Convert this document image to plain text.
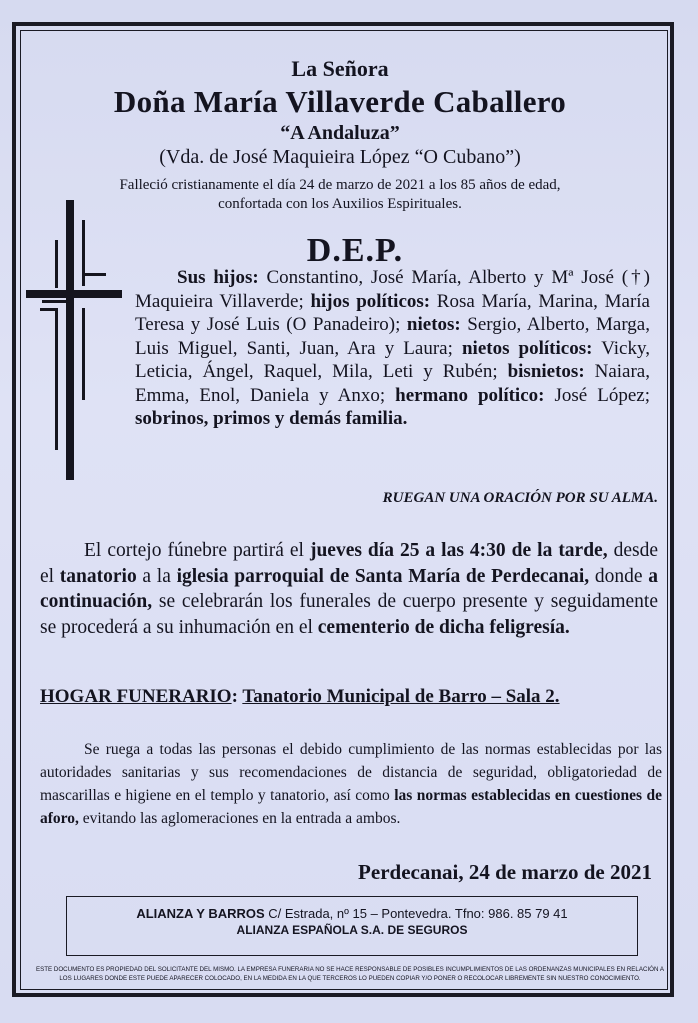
La Señora
Doña María Villaverde Caballero
“A Andaluza”
(Vda. de José Maquieira López “O Cubano”)
Falleció cristianamente el día 24 de marzo de 2021 a los 85 años de edad,
confortada con los Auxilios Espirituales.
D.E.P.
Sus hijos: Constantino, José María, Alberto y Mª José (†) Maquieira Villaverde; hijos políticos: Rosa María, Marina, María Teresa y José Luis (O Panadeiro); nietos: Sergio, Alberto, Marga, Luis Miguel, Santi, Juan, Ara y Laura; nietos políticos: Vicky, Leticia, Ángel, Raquel, Mila, Leti y Rubén; bisnietos: Naiara, Emma, Enol, Daniela y Anxo; hermano político: José López; sobrinos, primos y demás familia.
RUEGAN UNA ORACIÓN POR SU ALMA.
El cortejo fúnebre partirá el jueves día 25 a las 4:30 de la tarde, desde el tanatorio a la iglesia parroquial de Santa María de Perdecanai, donde a continuación, se celebrarán los funerales de cuerpo presente y seguidamente se procederá a su inhumación en el cementerio de dicha feligresía.
HOGAR FUNERARIO: Tanatorio Municipal de Barro – Sala 2.
Se ruega a todas las personas el debido cumplimiento de las normas establecidas por las autoridades sanitarias y sus recomendaciones de distancia de seguridad, obligatoriedad de mascarillas e higiene en el templo y tanatorio, así como las normas establecidas en cuestiones de aforo, evitando las aglomeraciones en la entrada a ambos.
Perdecanai, 24 de marzo de 2021
ALIANZA Y BARROS C/ Estrada, nº 15 – Pontevedra. Tfno: 986. 85 79 41
ALIANZA ESPAÑOLA S.A. DE SEGUROS
ESTE DOCUMENTO ES PROPIEDAD DEL SOLICITANTE DEL MISMO. LA EMPRESA FUNERARIA NO SE HACE RESPONSABLE DE POSIBLES INCUMPLIMIENTOS DE LAS ORDENANZAS MUNICIPALES EN RELACIÓN A LOS LUGARES DONDE ESTE PUEDE APARECER COLOCADO, EN LA MEDIDA EN LA QUE TERCEROS LO PUEDEN COPIAR Y/O PONER O RECOLOCAR LIBREMENTE SIN NUESTRO CONOCIMIENTO.
